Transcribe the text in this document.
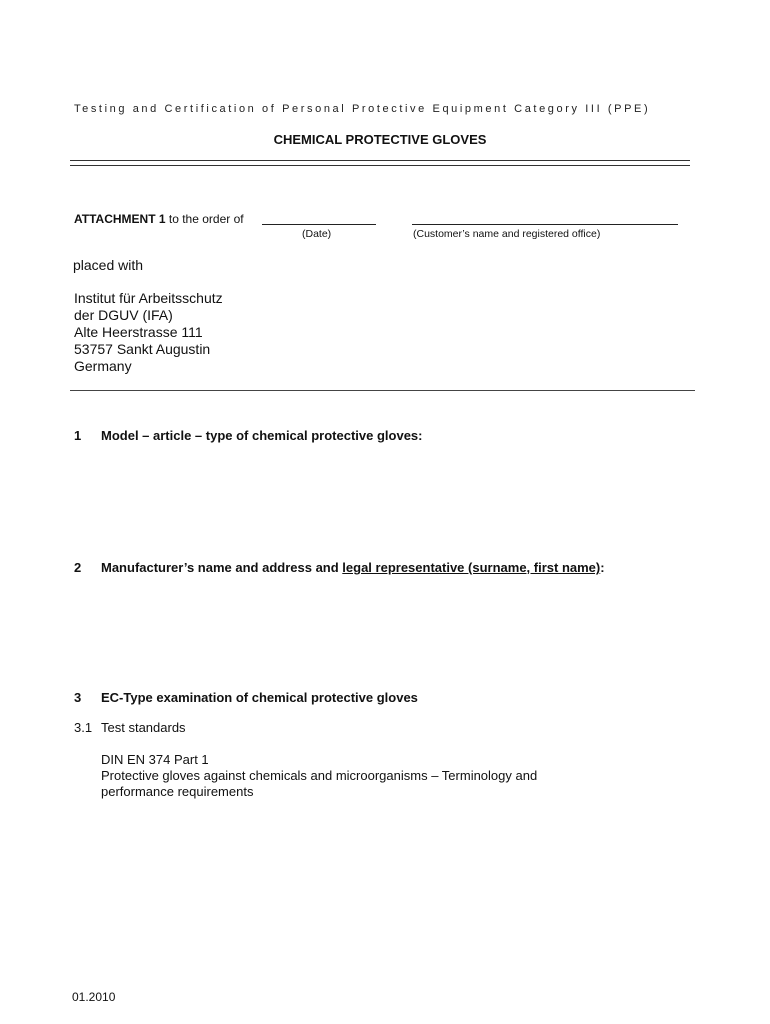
Testing and Certification of Personal Protective Equipment Category III (PPE)
CHEMICAL PROTECTIVE GLOVES
ATTACHMENT 1 to the order of
(Date)	(Customer’s name and registered office)
placed with
Institut für Arbeitsschutz
der DGUV (IFA)
Alte Heerstrasse 111
53757 Sankt Augustin
Germany
1 Model – article – type of chemical protective gloves:
2 Manufacturer’s name and address and legal representative (surname, first name):
3 EC-Type examination of chemical protective gloves
3.1 Test standards
DIN EN 374 Part 1
Protective gloves against chemicals and microorganisms – Terminology and
performance requirements
01.2010
